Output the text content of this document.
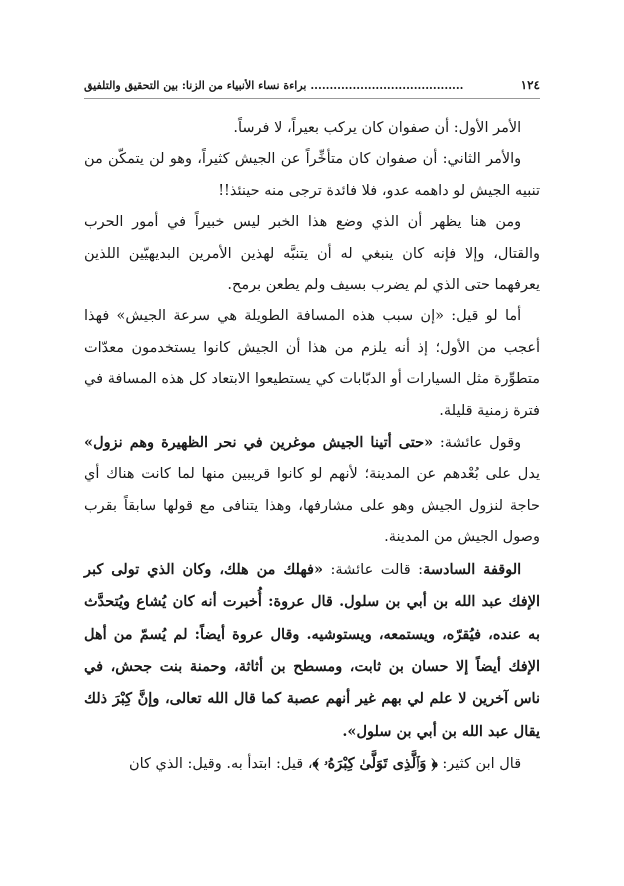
١٢٤
........................................ براءة نساء الأنبياء من الزنا: بين التحقيق والتلفيق

الأمر الأول: أن صفوان كان يركب بعيراً، لا فرساً.

والأمر الثاني: أن صفوان كان متأخِّراً عن الجيش كثيراً، وهو لن يتمكّن من تنبيه الجيش لو داهمه عدو، فلا فائدة ترجى منه حينئذ!!

ومن هنا يظهر أن الذي وضع هذا الخبر ليس خبيراً في أمور الحرب والقتال، وإلا فإنه كان ينبغي له أن يتنبَّه لهذين الأمرين البديهيّين اللذين يعرفهما حتى الذي لم يضرب بسيف ولم يطعن برمح.

أما لو قيل: «إن سبب هذه المسافة الطويلة هي سرعة الجيش» فهذا أعجب من الأول؛ إذ أنه يلزم من هذا أن الجيش كانوا يستخدمون معدّات متطوِّرة مثل السيارات أو الدبّابات كي يستطيعوا الابتعاد كل هذه المسافة في فترة زمنية قليلة.

وقول عائشة: «حتى أتينا الجيش موغرين في نحر الظهيرة وهم نزول» يدل على بُعْدهم عن المدينة؛ لأنهم لو كانوا قريبين منها لما كانت هناك أي حاجة لنزول الجيش وهو على مشارفها، وهذا يتنافى مع قولها سابقاً بقرب وصول الجيش من المدينة.

الوقفة السادسة: قالت عائشة: «فهلك من هلك، وكان الذي تولى كبر الإفك عبد الله بن أبي بن سلول. قال عروة: أُخبرت أنه كان يُشاع ويُتحدَّث به عنده، فيُقرّه، ويستمعه، ويستوشيه. وقال عروة أيضاً: لم يُسمّ من أهل الإفك أيضاً إلا حسان بن ثابت، ومسطح بن أثاثة، وحمنة بنت جحش، في ناس آخرين لا علم لي بهم غير أنهم عصبة كما قال الله تعالى، وإنَّ كِبْرَ ذلك يقال عبد الله بن أبي بن سلول».

قال ابن كثير: ﴿ وَٱلَّذِى تَوَلَّىٰ كِبْرَهُۥ ﴾، قيل: ابتدأ به. وقيل: الذي كان
